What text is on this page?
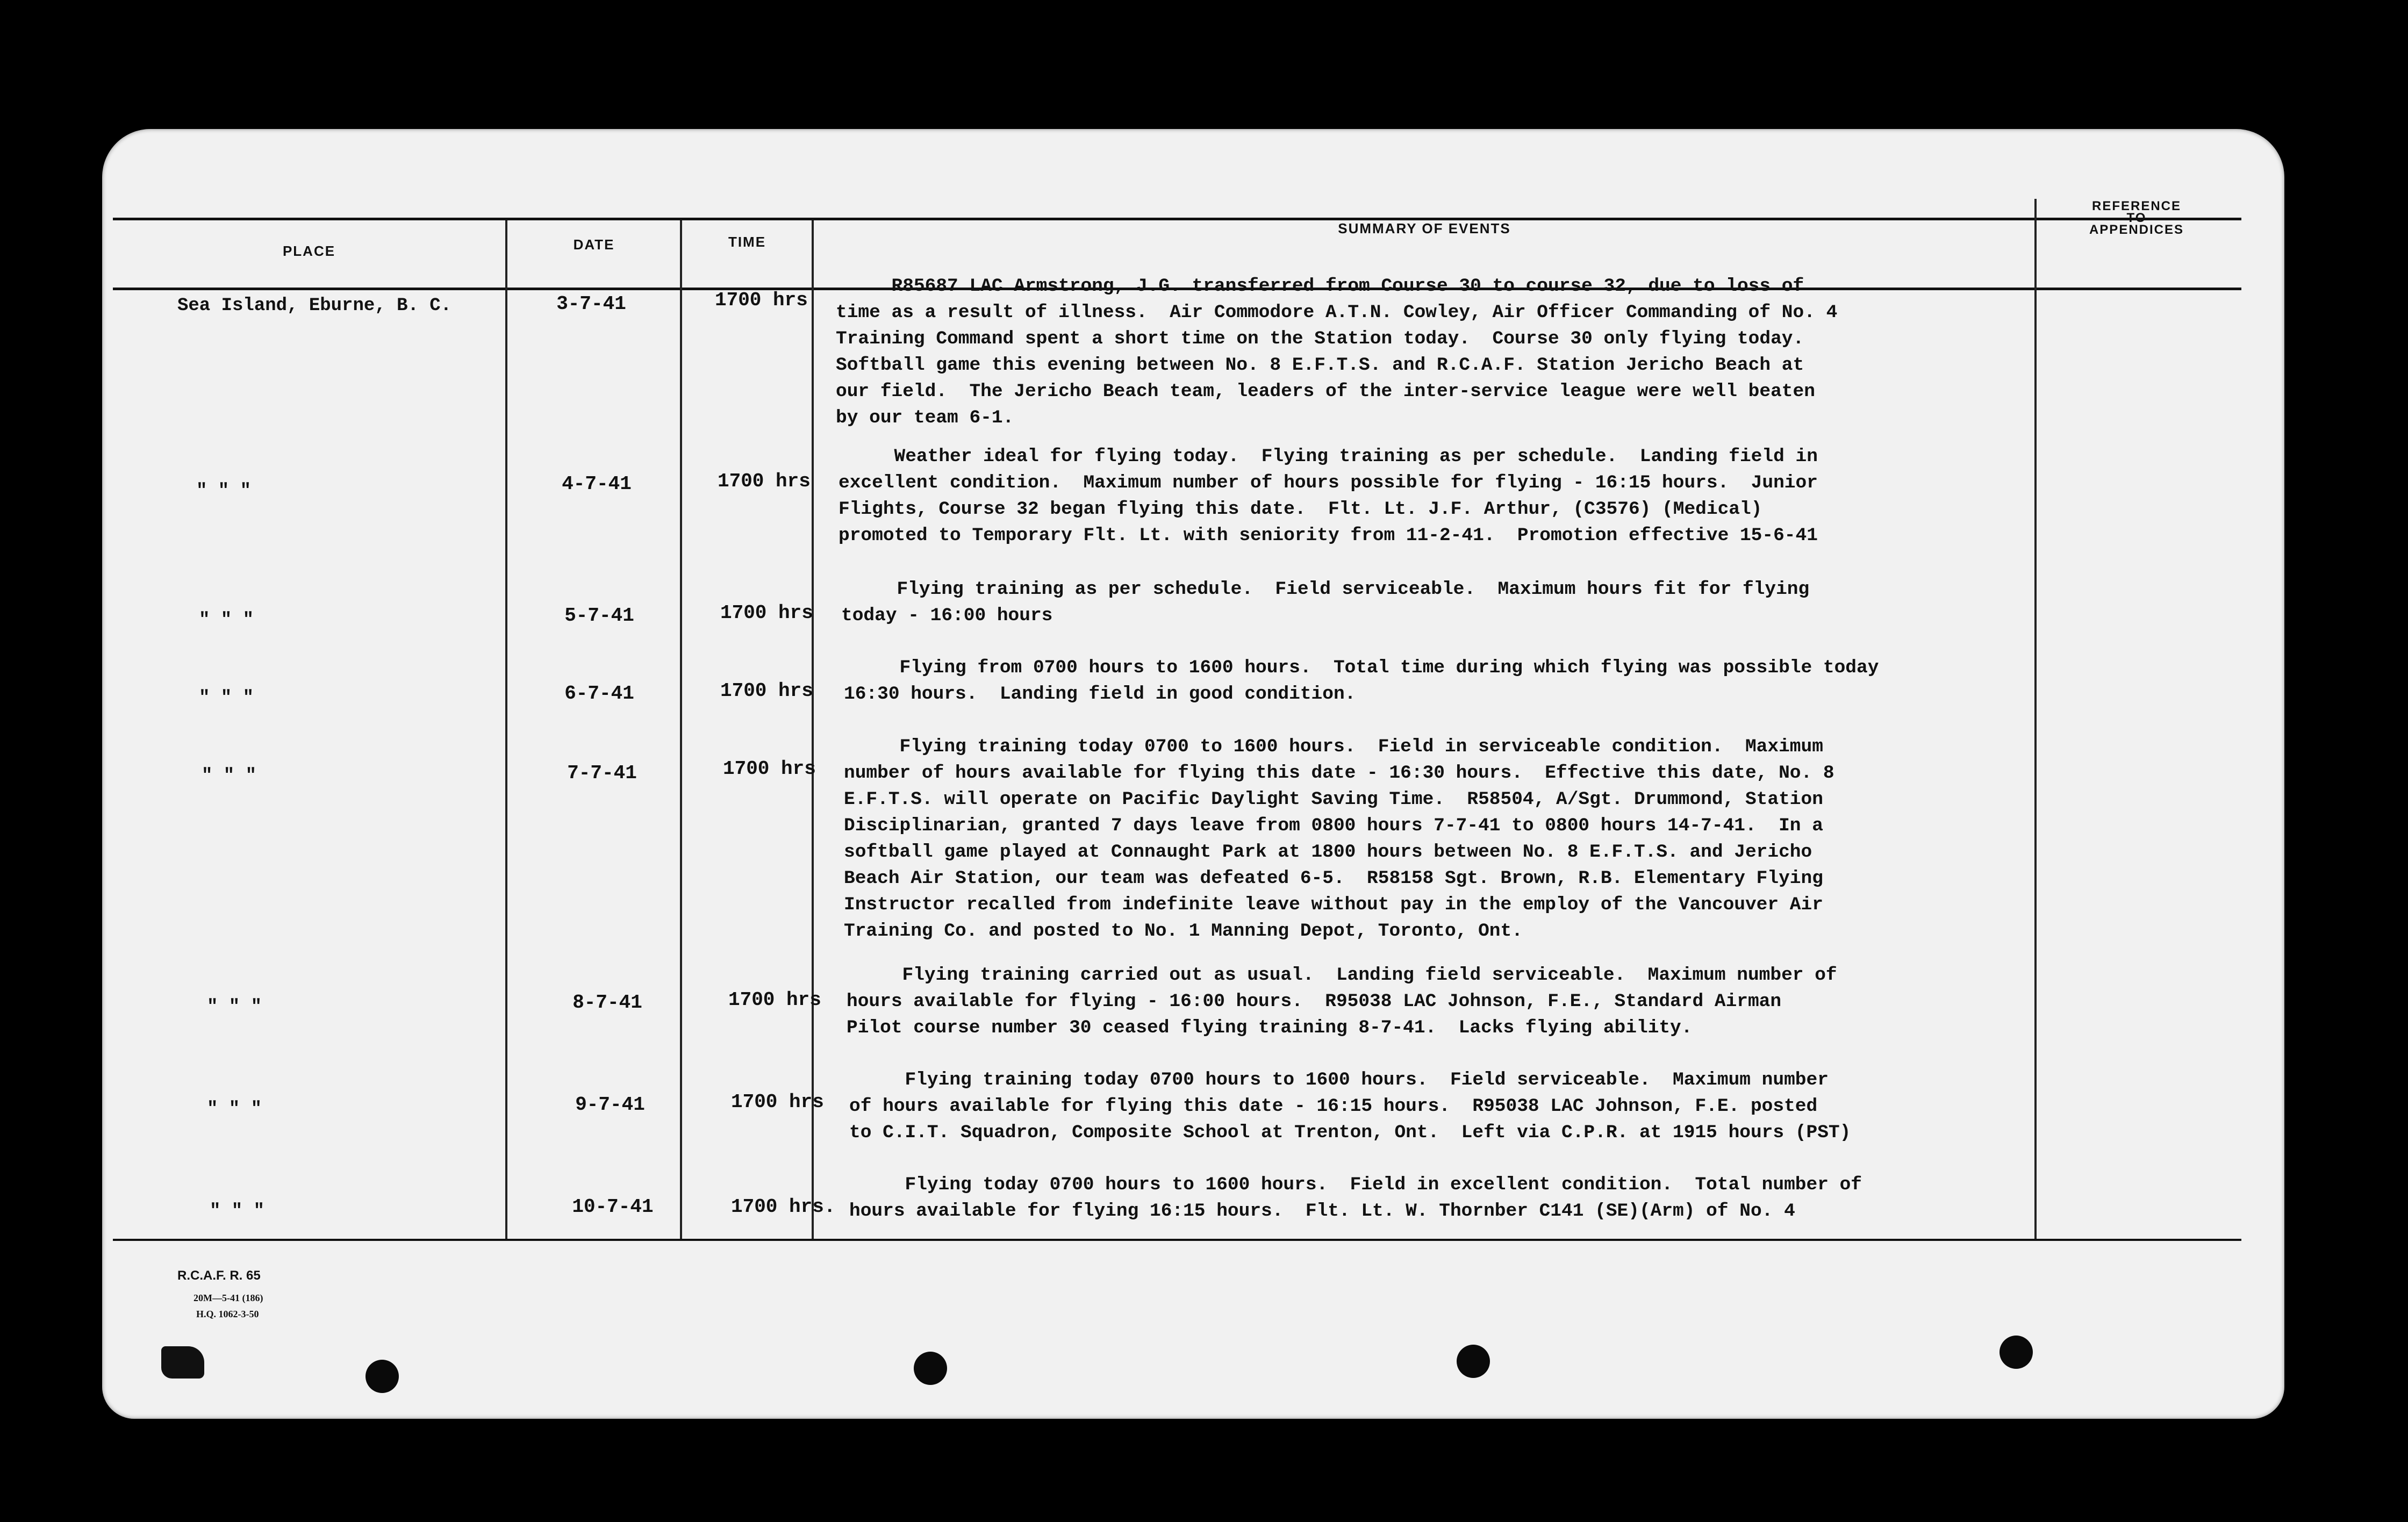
PLACE	DATE	TIME
SUMMARY OF EVENTS
REFERENCE
TO
APPENDICES
Sea Island, Eburne, B. C.	3-7-41	1700 hrs
R85687 LAC Armstrong, J.G. transferred from Course 30 to course 32, due to loss of
time as a result of illness.  Air Commodore A.T.N. Cowley, Air Officer Commanding of No. 4
Training Command spent a short time on the Station today.  Course 30 only flying today.
Softball game this evening between No. 8 E.F.T.S. and R.C.A.F. Station Jericho Beach at
our field.  The Jericho Beach team, leaders of the inter-service league were well beaten
by our team 6-1.
" " "	4-7-41	1700 hrs
Weather ideal for flying today.  Flying training as per schedule.  Landing field in
excellent condition.  Maximum number of hours possible for flying - 16:15 hours.  Junior
Flights, Course 32 began flying this date.  Flt. Lt. J.F. Arthur, (C3576) (Medical)
promoted to Temporary Flt. Lt. with seniority from 11-2-41.  Promotion effective 15-6-41
" " "	5-7-41	1700 hrs
Flying training as per schedule.  Field serviceable.  Maximum hours fit for flying
today - 16:00 hours
" " "	6-7-41	1700 hrs
Flying from 0700 hours to 1600 hours.  Total time during which flying was possible today
16:30 hours.  Landing field in good condition.
" " "	7-7-41	1700 hrs
Flying training today 0700 to 1600 hours.  Field in serviceable condition.  Maximum
number of hours available for flying this date - 16:30 hours.  Effective this date, No. 8
E.F.T.S. will operate on Pacific Daylight Saving Time.  R58504, A/Sgt. Drummond, Station
Disciplinarian, granted 7 days leave from 0800 hours 7-7-41 to 0800 hours 14-7-41.  In a
softball game played at Connaught Park at 1800 hours between No. 8 E.F.T.S. and Jericho
Beach Air Station, our team was defeated 6-5.  R58158 Sgt. Brown, R.B. Elementary Flying
Instructor recalled from indefinite leave without pay in the employ of the Vancouver Air
Training Co. and posted to No. 1 Manning Depot, Toronto, Ont.
" " "	8-7-41	1700 hrs
Flying training carried out as usual.  Landing field serviceable.  Maximum number of
hours available for flying - 16:00 hours.  R95038 LAC Johnson, F.E., Standard Airman
Pilot course number 30 ceased flying training 8-7-41.  Lacks flying ability.
" " "	9-7-41	1700 hrs
Flying training today 0700 hours to 1600 hours.  Field serviceable.  Maximum number
of hours available for flying this date - 16:15 hours.  R95038 LAC Johnson, F.E. posted
to C.I.T. Squadron, Composite School at Trenton, Ont.  Left via C.P.R. at 1915 hours (PST)
" " "	10-7-41	1700 hrs.
Flying today 0700 hours to 1600 hours.  Field in excellent condition.  Total number of
hours available for flying 16:15 hours.  Flt. Lt. W. Thornber C141 (SE)(Arm) of No. 4
R.C.A.F. R. 65
20M—5-41 (186)
H.Q. 1062-3-50
